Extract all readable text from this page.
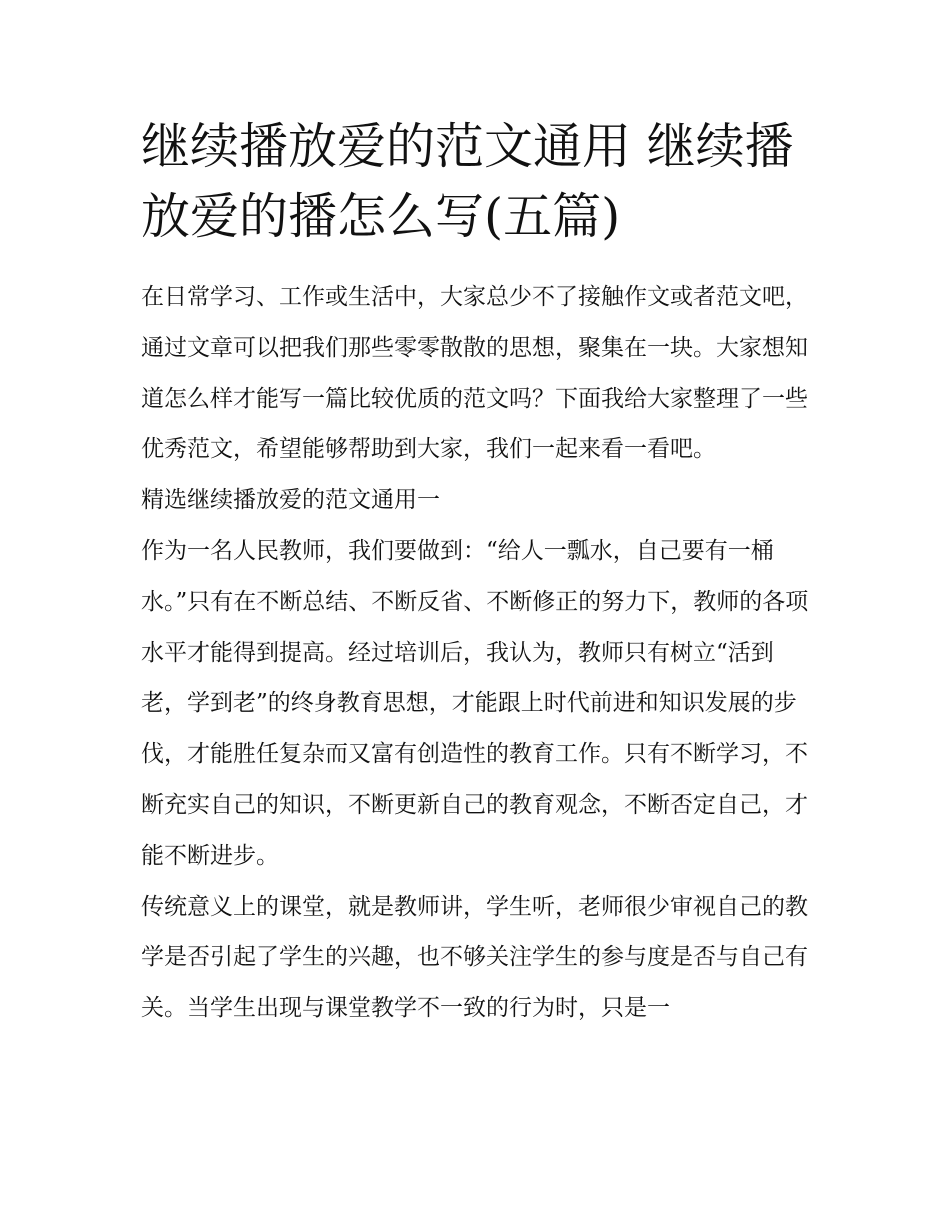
继续播放爱的范文通用 继续播放爱的播怎么写(五篇)

在日常学习、工作或生活中，大家总少不了接触作文或者范文吧，通过文章可以把我们那些零零散散的思想，聚集在一块。大家想知道怎么样才能写一篇比较优质的范文吗？下面我给大家整理了一些优秀范文，希望能够帮助到大家，我们一起来看一看吧。

精选继续播放爱的范文通用一

作为一名人民教师，我们要做到：“给人一瓢水，自己要有一桶水。”只有在不断总结、不断反省、不断修正的努力下，教师的各项水平才能得到提高。经过培训后，我认为，教师只有树立“活到老，学到老”的终身教育思想，才能跟上时代前进和知识发展的步伐，才能胜任复杂而又富有创造性的教育工作。只有不断学习，不断充实自己的知识，不断更新自己的教育观念，不断否定自己，才能不断进步。

传统意义上的课堂，就是教师讲，学生听，老师很少审视自己的教学是否引起了学生的兴趣，也不够关注学生的参与度是否与自己有关。当学生出现与课堂教学不一致的行为时，只是一
